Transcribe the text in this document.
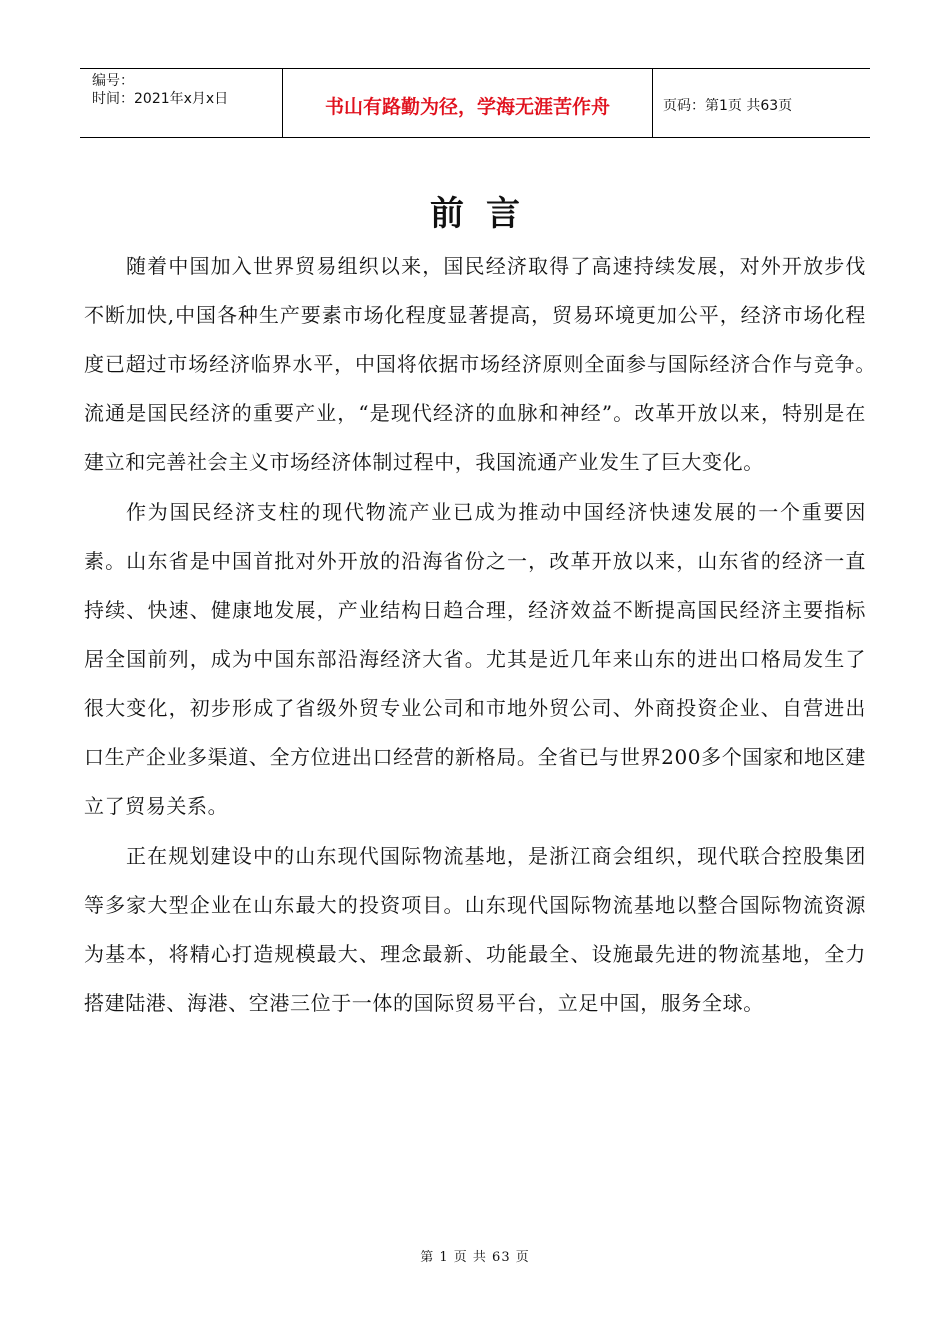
编号：
时间：2021年x月x日	书山有路勤为径，学海无涯苦作舟	页码：第1页 共63页
前言

随着中国加入世界贸易组织以来，国民经济取得了高速持续发展，对外开放步伐不断加快,中国各种生产要素市场化程度显著提高，贸易环境更加公平，经济市场化程度已超过市场经济临界水平，中国将依据市场经济原则全面参与国际经济合作与竞争。　流通是国民经济的重要产业，“是现代经济的血脉和神经”。改革开放以来，特别是在建立和完善社会主义市场经济体制过程中，我国流通产业发生了巨大变化。

作为国民经济支柱的现代物流产业已成为推动中国经济快速发展的一个重要因素。山东省是中国首批对外开放的沿海省份之一，改革开放以来，山东省的经济一直持续、快速、健康地发展，产业结构日趋合理，经济效益不断提高国民经济主要指标居全国前列，成为中国东部沿海经济大省。尤其是近几年来山东的进出口格局发生了很大变化，初步形成了省级外贸专业公司和市地外贸公司、外商投资企业、自营进出口生产企业多渠道、全方位进出口经营的新格局。全省已与世界200多个国家和地区建立了贸易关系。

正在规划建设中的山东现代国际物流基地，是浙江商会组织，现代联合控股集团等多家大型企业在山东最大的投资项目。山东现代国际物流基地以整合国际物流资源为基本，将精心打造规模最大、理念最新、功能最全、设施最先进的物流基地，全力搭建陆港、海港、空港三位于一体的国际贸易平台，立足中国，服务全球。

第 1 页 共 63 页
